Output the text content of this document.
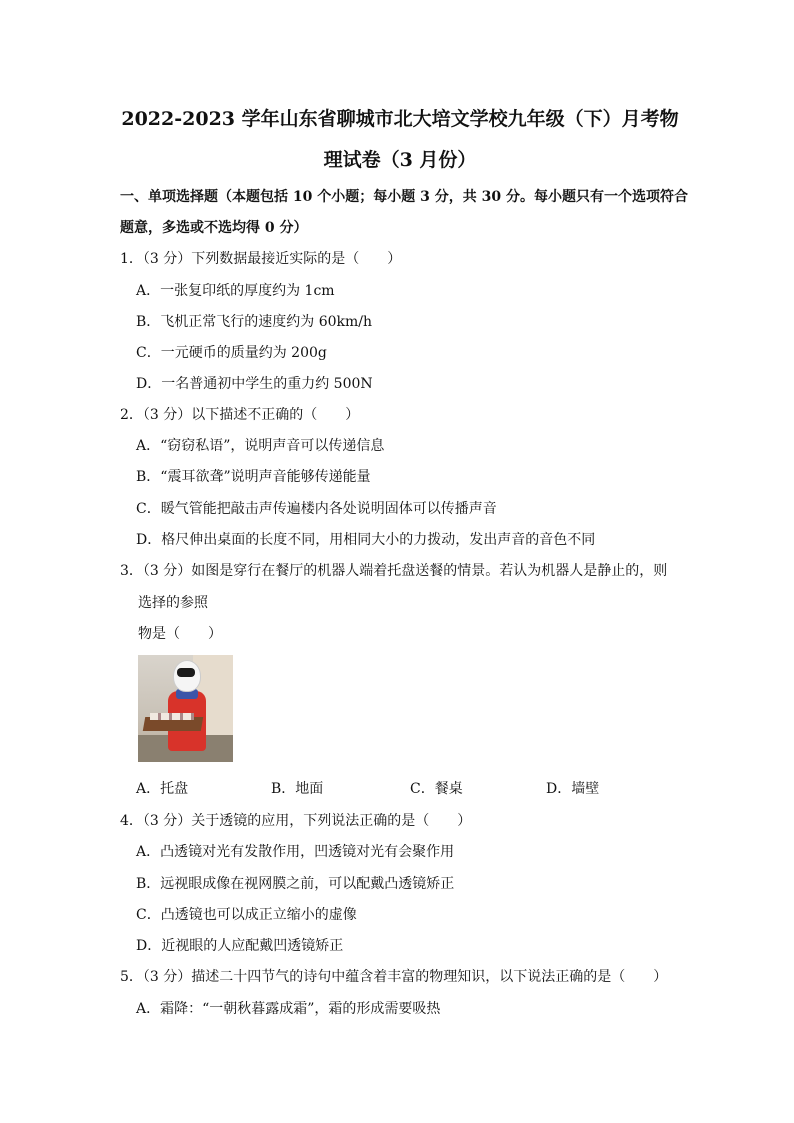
2022-2023 学年山东省聊城市北大培文学校九年级（下）月考物
理试卷（3 月份）
一、单项选择题（本题包括 10 个小题；每小题 3 分，共 30 分。每小题只有一个选项符合
题意，多选或不选均得 0 分）
1．（3 分）下列数据最接近实际的是（　　）
A．一张复印纸的厚度约为 1cm
B．飞机正常飞行的速度约为 60km/h
C．一元硬币的质量约为 200g
D．一名普通初中学生的重力约 500N
2．（3 分）以下描述不正确的（　　）
A．“窃窃私语”，说明声音可以传递信息
B．“震耳欲聋”说明声音能够传递能量
C．暖气管能把敲击声传遍楼内各处说明固体可以传播声音
D．格尺伸出桌面的长度不同，用相同大小的力拨动，发出声音的音色不同
3．（3 分）如图是穿行在餐厅的机器人端着托盘送餐的情景。若认为机器人是静止的，则
选择的参照
物是（　　）
A．托盘	B．地面	C．餐桌	D．墙壁
4．（3 分）关于透镜的应用，下列说法正确的是（　　）
A．凸透镜对光有发散作用，凹透镜对光有会聚作用
B．远视眼成像在视网膜之前，可以配戴凸透镜矫正
C．凸透镜也可以成正立缩小的虚像
D．近视眼的人应配戴凹透镜矫正
5．（3 分）描述二十四节气的诗句中蕴含着丰富的物理知识，以下说法正确的是（　　）
A．霜降：“一朝秋暮露成霜”，霜的形成需要吸热
